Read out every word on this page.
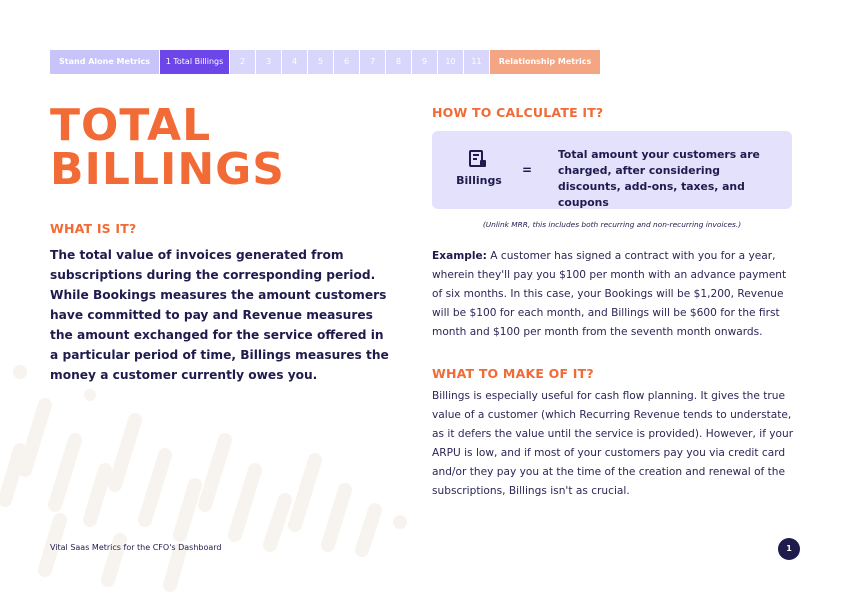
Stand Alone Metrics	1 Total Billings	2	3	4	5	6	7	8	9	10	11	Relationship Metrics
TOTAL
BILLINGS
WHAT IS IT?

The total value of invoices generated from subscriptions during the corresponding period. While Bookings measures the amount customers have committed to pay and Revenue measures the amount exchanged for the service offered in a particular period of time, Billings measures the money a customer currently owes you.

HOW TO CALCULATE IT?
Billings
=

Total amount your customers are charged, after considering discounts, add-ons, taxes, and coupons

(Unlink MRR, this includes both recurring and non-recurring invoices.)

Example: A customer has signed a contract with you for a year, wherein they'll pay you $100 per month with an advance payment of six months. In this case, your Bookings will be $1,200, Revenue will be $100 for each month, and Billings will be $600 for the first month and $100 per month from the seventh month onwards.

WHAT TO MAKE OF IT?

Billings is especially useful for cash flow planning. It gives the true value of a customer (which Recurring Revenue tends to understate, as it defers the value until the service is provided). However, if your ARPU is low, and if most of your customers pay you via credit card and/or they pay you at the time of the creation and renewal of the subscriptions, Billings isn't as crucial.

Vital Saas Metrics for the CFO's Dashboard	1
